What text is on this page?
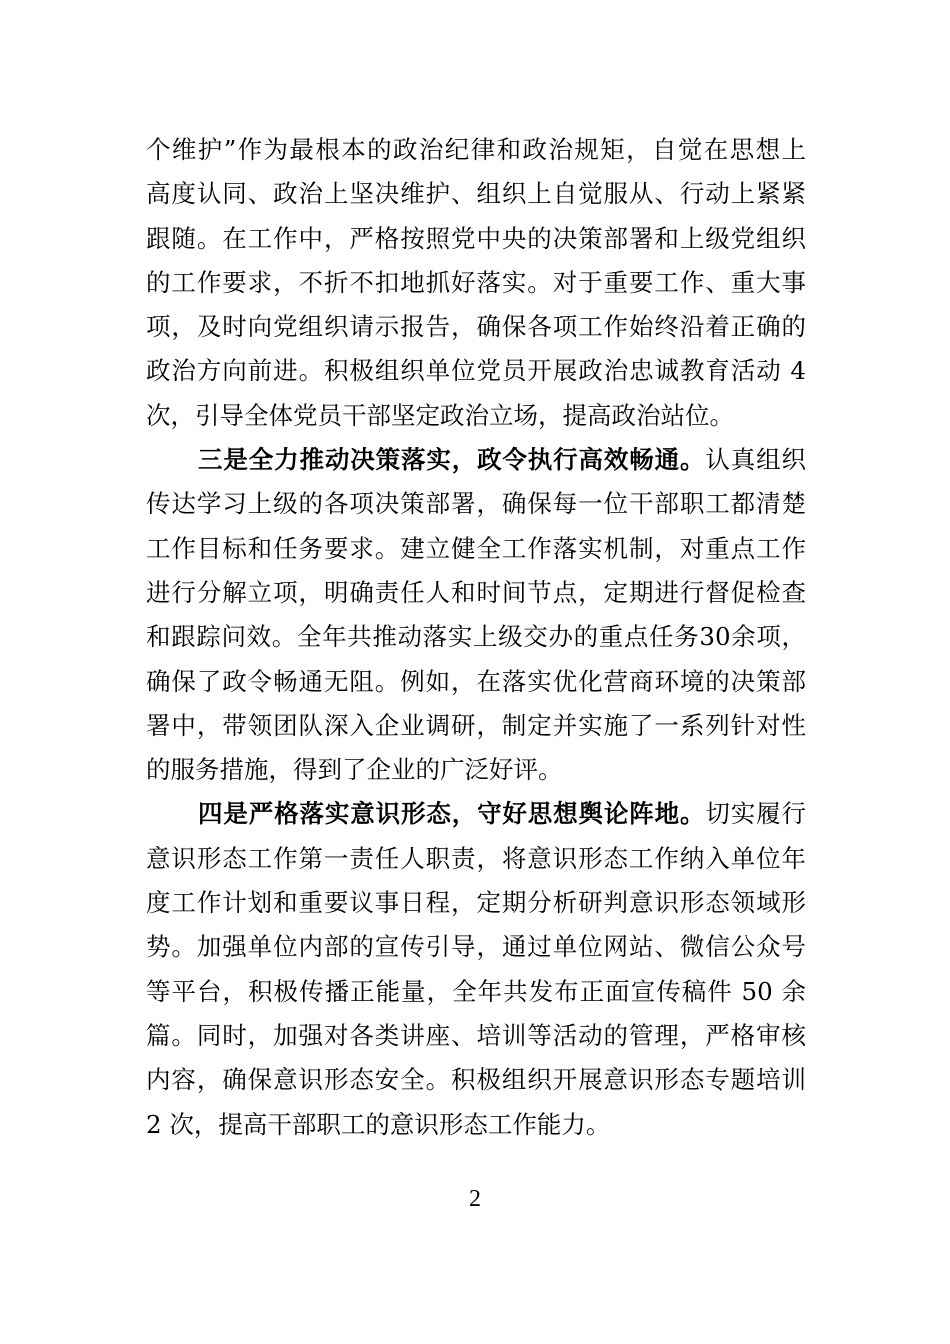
个维护”作为最根本的政治纪律和政治规矩，自觉在思想上
高度认同、政治上坚决维护、组织上自觉服从、行动上紧紧
跟随。在工作中，严格按照党中央的决策部署和上级党组织
的工作要求，不折不扣地抓好落实。对于重要工作、重大事
项，及时向党组织请示报告，确保各项工作始终沿着正确的
政治方向前进。积极组织单位党员开展政治忠诚教育活动 4
次，引导全体党员干部坚定政治立场，提高政治站位。
三是全力推动决策落实，政令执行高效畅通。认真组织
传达学习上级的各项决策部署，确保每一位干部职工都清楚
工作目标和任务要求。建立健全工作落实机制，对重点工作
进行分解立项，明确责任人和时间节点，定期进行督促检查
和跟踪问效。全年共推动落实上级交办的重点任务30余项，
确保了政令畅通无阻。例如，在落实优化营商环境的决策部
署中，带领团队深入企业调研，制定并实施了一系列针对性
的服务措施，得到了企业的广泛好评。
四是严格落实意识形态，守好思想舆论阵地。切实履行
意识形态工作第一责任人职责，将意识形态工作纳入单位年
度工作计划和重要议事日程，定期分析研判意识形态领域形
势。加强单位内部的宣传引导，通过单位网站、微信公众号
等平台，积极传播正能量，全年共发布正面宣传稿件 50 余
篇。同时，加强对各类讲座、培训等活动的管理，严格审核
内容，确保意识形态安全。积极组织开展意识形态专题培训
2 次，提高干部职工的意识形态工作能力。
2
